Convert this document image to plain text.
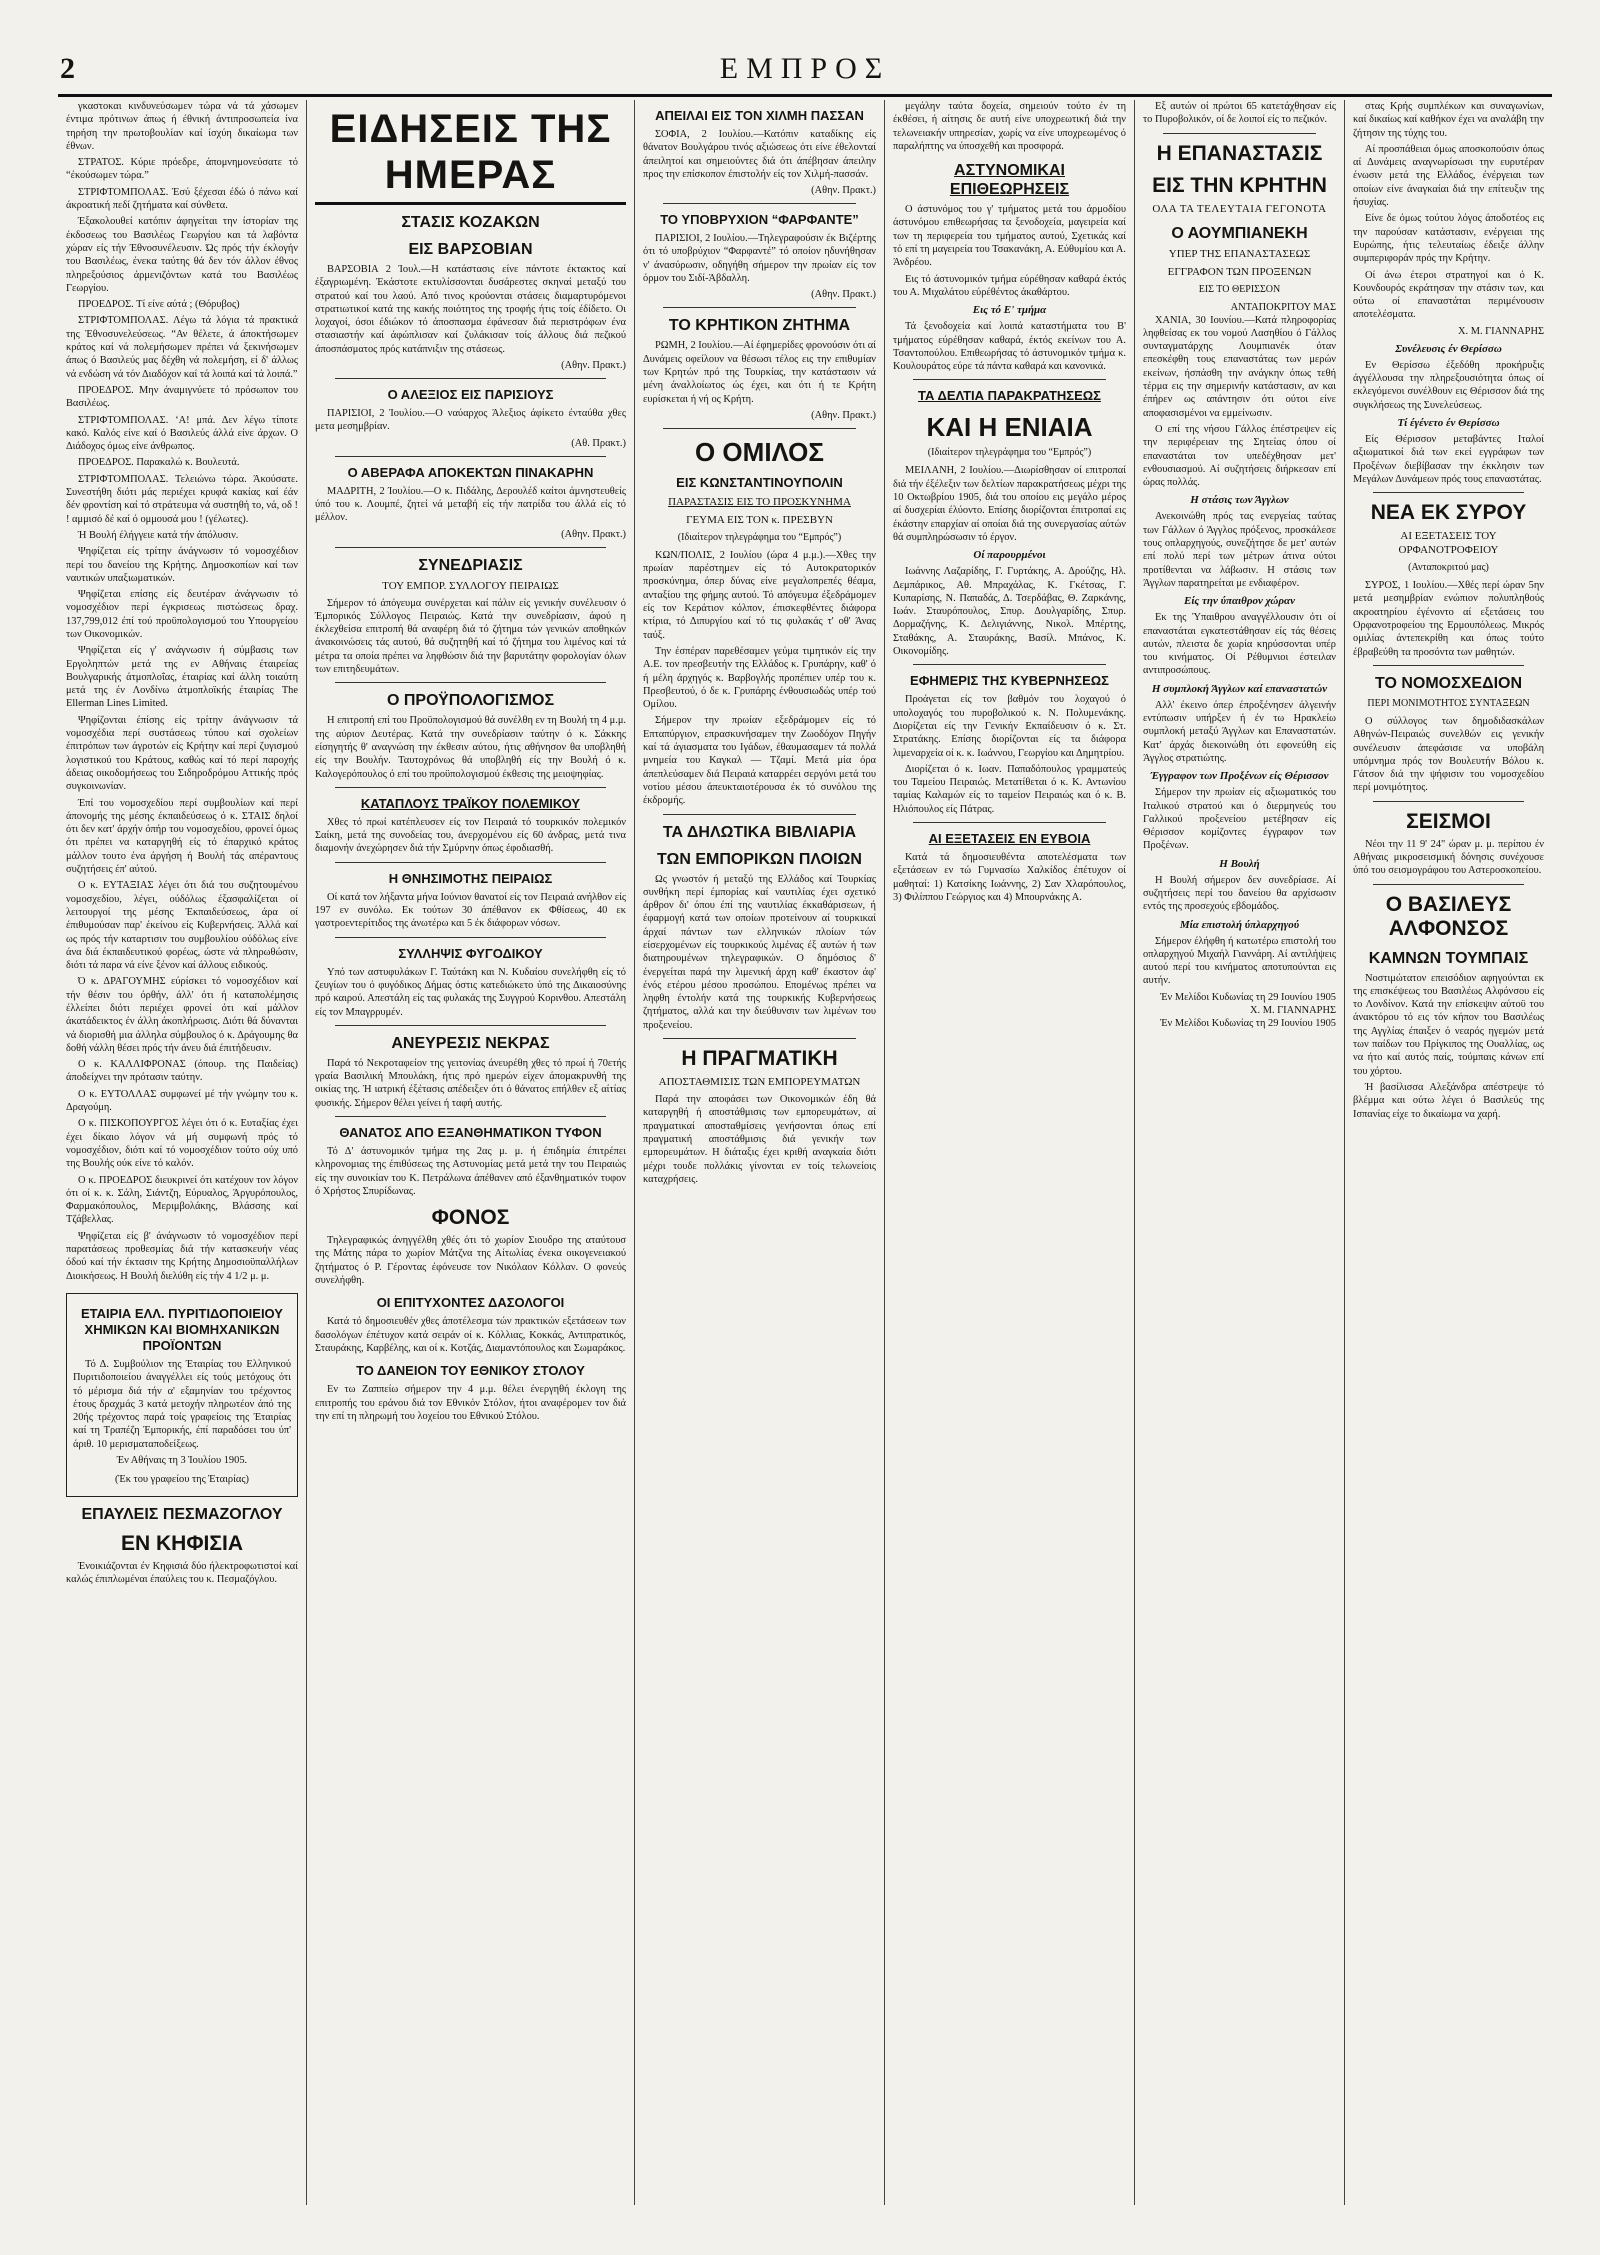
2	ΕΜΠΡΟΣ

γκαστοκαι κινδυνεύσωμεν τώρα νά τά χάσωμεν έντιμα πρότινων άπως ή έθνική άντιπροσωπεία ίνα τηρήση την πρωτοβουλίαν καί ίσχύη δικαίωμα των έθνων.

ΣΤΡΑΤΟΣ. Κύριε πρόεδρε, άπομνημονεύσατε τό “έκούσωμεν τώρα.”

ΣΤΡΙΦΤΟΜΠΟΛΑΣ. Έσύ ξέχεσαι έδώ ό πάνω καί άκροατική πεδί ζητήματα καί σύνθετα.

Έξακολουθεί κατόπιν άφηγείται την ίστορίαν της έκδοσεως του Βασιλέως Γεωργίου και τά λαβόντα χώραν είς τήν Έθνοσυνέλευσιν. Ώς πρός τήν έκλογήν του Βασιλέως, ένεκα ταύτης θά δεν τόν άλλον έθνος πληρεξούσιος άρμενιζόντων κατά του Βασιλέως Γεωργίου.

ΠΡΟΕΔΡΟΣ. Τί είνε αύτά ; (Θόρυβος)

ΣΤΡΙΦΤΟΜΠΟΛΑΣ. Λέγω τά λόγια τά πρακτικά της Έθνοσυνελεύσεως. “Αν θέλετε, ά άποκτήσωμεν κράτος καί νά πολεμήσωμεν πρέπει νά ξεκινήσωμεν άπως ό Βασιλεύς μας δέχθη νά πολεμήση, εί δ' άλλως νά ενδώση νά τόν Διαδόχον καί τά λοιπά καί τά λοιπά.”

ΠΡΟΕΔΡΟΣ. Μην άναμιγνύετε τό πρόσωπον του Βασιλέως.

ΣΤΡΙΦΤΟΜΠΟΛΑΣ. ‘Α! μπά. Δεν λέγω τίποτε κακό. Καλός είνε καί ό Βασιλεύς άλλά είνε άρχων. Ο Διάδοχος όμως είνε άνθρωπος.

ΠΡΟΕΔΡΟΣ. Παρακαλώ κ. Βουλευτά.

ΣΤΡΙΦΤΟΜΠΟΛΑΣ. Τελειώνω τώρα. Άκούσατε. Συνεστήθη διότι μάς περιέχει κρυφά κακίας καί έάν δέν φροντίση καί τό στράτευμα νά συστηθή το, νά, οδ ! ! αμμισό δέ καί ό ομμουσά μου ! (γέλωτες).

Ή Βουλή έλήγγειε κατά τήν άπόλυσιν.

Ψηφίζεται είς τρίτην άνάγνωσιν τό νομοσχέδιον περί του δανείου της Κρήτης. Δημοσκοπίων καί των ναυτικών υπαξιωματικών.

Ψηφίζεται επίσης είς δευτέραν άνάγνωσιν τό νομοσχέδιον περί έγκρισεως πιστώσεως δραχ. 137,799,012 έπί τού προϋπολογισμού του Υπουργείου των Οικονομικών.

Ψηφίζεται είς γ' ανάγνωσιν ή σύμβασις των Εργοληπτών μετά της εν Αθήναις έταιρείας Βουλγαρικής άτμοπλοΐας, έταιρίας καί άλλη τοιαύτη μετά της έν Λονδίνω άτμοπλοϊκής έταιρίας The Ellerman Lines Limited.

Ψηφίζονται έπίσης είς τρίτην άνάγνωσιν τά νομοσχέδια περί συστάσεως τύπου καί σχολείων έπιτρόπων των άγροτών είς Κρήτην καί περί ζυγισμού λογιστικού του Κράτους, καθώς καί τό περί παροχής άδειας οικοδομήσεως του Σιδηροδρόμου Αττικής πρός συγκοινωνίαν.

Έπί του νομοσχεδίου περί συμβουλίων καί περί άπονομής της μέσης έκπαιδεύσεως ό κ. ΣΤΑΙΣ δηλοί ότι δεν κατ' άρχήν όπήρ του νομοσχεδίου, φρονεί όμως ότι πρέπει να καταργηθή είς τό έπαρχικό κράτος μάλλον τουτο ένα άργήση ή Βουλή τάς απέραντους συζητήσεις έπ' αύτού.

Ο κ. ΕΥΤΑΞΙΑΣ λέγει ότι διά του συζητουμένου νομοσχεδίου, λέγει, ούδόλως έξασφαλίζεται οί λειτουργοί της μέσης Έκπαιδεύσεως, άρα οί έπιθυμούσαν παρ' έκείνου είς Κυβερνήσεις. Άλλά καί ως πρός τήν καταρτισιν του συμβουλίου ούδόλως είνε άνα διά έκπαιδευτικού φορέως, ώστε νά πληρωθώσιν, διότι τά παρα νά είνε ξένον καί άλλους ειδικούς.

Ό κ. ΔΡΑΓΟΥΜΗΣ εύρίσκει τό νομοσχέδιον καί τήν θέσιν του όρθήν, άλλ' ότι ή καταπολέμησις έλλείπει διότι περιέχει φρονεί ότι καί μάλλον άκατάδεικτος έν άλλη άκοπλήρωσις. Διότι θά δύνανται νά διορισθή μια άλληλα σύμβουλος ό κ. Δράγουμης θα δοθή νάλλη θέσει πρός τήν άνευ διά έπιτήδευσιν.

Ο κ. ΚΑΛΛΙΦΡΟΝΑΣ (όπουρ. της Παιδείας) άποδείχνει την πρότασιν ταύτην.

Ο κ. ΕΥΤΟΛΛΑΣ συμφωνεί μέ τήν γνώμην του κ. Δραγούμη.

Ο κ. ΠΙΣΚΟΠΟΥΡΓΟΣ λέγει ότι ό κ. Ευταξίας έχει έχει δίκαιο λόγον νά μή συμφωνή πρός τό νομοσχέδιον, διότι καί τό νομοσχέδιον τούτο ούχ υπό της Βουλής ούκ είνε τό καλόν.

Ο κ. ΠΡΟΕΔΡΟΣ διευκρινεί ότι κατέχουν τον λόγον ότι οί κ. κ. Σάλη, Σιάντζη, Εύρυαλος, Άργυρόπουλος, Φαρμακόπουλος, Μεριμβολάκης, Βλάσσης καί Τζάβελλας.

Ψηφίζεται είς β' άνάγνωσιν τό νομοσχέδιον περί παρατάσεως προθεσμίας διά τήν κατασκευήν νέας όδού καί τήν έκτασιν της Κρήτης Δημοσιοϋπαλλήλων Διοικήσεως. Η Βουλή διελύθη είς τήν 4 1/2 μ. μ.

ΕΤΑΙΡΙΑ ΕΛΛ. ΠΥΡΙΤΙΔΟΠΟΙΕΙΟΥ ΧΗΜΙΚΩΝ ΚΑΙ ΒΙΟΜΗΧΑΝΙΚΩΝ ΠΡΟΪΟΝΤΩΝ

Τό Δ. Συμβούλιον της Έταιρίας του Ελληνικού Πυριτιδοποιείου άναγγέλλει είς τούς μετόχους ότι τό μέρισμα διά τήν α' εξαμηνίαν του τρέχοντος έτους δραχμάς 3 κατά μετοχήν πληρωτέον άπό της 20ής τρέχοντος παρά τοίς γραφείοις της Έταιρίας καί τη Τραπέζη Έμπορικής, έπί παραδόσει του ύπ' άριθ. 10 μερισματαποδείξεως.

Έν Αθήναις τη 3 Ίουλίου 1905.
(Έκ του γραφείου της Έταιρίας)
ΕΠΑΥΛΕΙΣ ΠΕΣΜΑΖΟΓΛΟΥ
ΕΝ ΚΗΦΙΣΙΑ

Ένοικιάζονται έν Κηφισιά δύο ήλεκτροφωτιστοί καί καλώς έπιπλωμέναι έπαύλεις του κ. Πεσμαζόγλου.

ΕΙΔΗΣΕΙΣ ΤΗΣ ΗΜΕΡΑΣ
ΣΤΑΣΙΣ ΚΟΖΑΚΩΝ
ΕΙΣ ΒΑΡΣΟΒΙΑΝ

ΒΑΡΣΟΒΙΑ 2 Ίουλ.—Η κατάστασις είνε πάντοτε έκτακτος καί έξαγριωμένη. Έκάστοτε εκτυλίσσονται δυσάρεστες σκηναί μεταξύ του στρατού καί του λαού. Από τινος κρούονται στάσεις διαμαρτυρόμενοι στρατιωτικοί κατά της κακής ποιότητος της τροφής ήτις τοίς έδίδετο. Οι λοχαγοί, όσοι έδιώκον τό άποσπασμα έφάνεσαν διά περιστρόφων ένα στασιαστήν καί άφώπλισαν καί ζυλάκισαν τοίς άλλους διά πεζικού άποσπάσματος πρός κατάπνιξιν της στάσεως.

(Αθην. Πρακτ.)
Ο ΑΛΕΞΙΟΣ ΕΙΣ ΠΑΡΙΣΙΟΥΣ

ΠΑΡΙΣΙΟΙ, 2 Ίουλίου.—Ο ναύαρχος Άλεξιος άφίκετο ένταύθα χθες μετα μεσημβρίαν.

(Αθ. Πρακτ.)
Ο ΑΒΕΡΑΦΑ ΑΠΟΚΕΚΤΩΝ ΠΙΝΑΚΑΡΗΝ

ΜΑΔΡΙΤΗ, 2 Ίουλίου.—Ο κ. Πιδάλης, Δερουλέδ καίτοι άμνηστευθείς ύπό του κ. Λουμπέ, ζητεί νά μεταβή είς τήν πατρίδα του άλλά είς τό μέλλον.

(Αθην. Πρακτ.)
ΣΥΝΕΔΡΙΑΣΙΣ
ΤΟΥ ΕΜΠΟΡ. ΣΥΛΛΟΓΟΥ ΠΕΙΡΑΙΩΣ

Σήμερον τό άπόγευμα συνέρχεται καί πάλιν είς γενικήν συνέλευσιν ό Έμπορικός Σύλλογος Πειραιώς. Κατά την συνεδρίασιν, άφού η έκλεχθείσα επιτροπή θά αναφέρη διά τό ζήτημα τών γενικών αποθηκών άνακοινώσεις τάς αυτού, θά συζητηθή καί τό ζήτημα του λιμένος καί τά μέτρα τα οποία πρέπει να ληφθώσιν διά την βαρυτάτην φορολογίαν όλων των επιτηδευμάτων.

Ο ΠΡΟΫΠΟΛΟΓΙΣΜΟΣ

Η επιτροπή επί του Προϋπολογισμού θά συνέλθη εν τη Βουλή τη 4 μ.μ. της αύριον Δευτέρας. Κατά την συνεδρίασιν ταύτην ό κ. Σάκκης είσηγητής θ' αναγνώση την έκθεσιν αύτου, ήτις αθήνησον θα υποβληθή είς την Βουλήν. Ταυτοχρόνως θά υποβληθή είς την Βουλή ό κ. Καλογερόπουλος ό επί του προϋπολογισμού έκθεσις της μειοψηφίας.

ΚΑΤΑΠΛΟΥΣ ΤΡΑΪΚΟΥ ΠΟΛΕΜΙΚΟΥ

Χθες τό πρωί κατέπλευσεν είς τον Πειραιά τό τουρκικόν πολεμικόν Σαίκη, μετά της συνοδείας του, άνερχομένου είς 60 άνδρας, μετά τινα διαμονήν άνεχώρησεν διά τήν Σμύρνην όπως έφοδιασθή.

Η ΘΝΗΣΙΜΟΤΗΣ ΠΕΙΡΑΙΩΣ

Οί κατά τον λήξαντα μήνα Ιούνιον θανατοί είς τον Πειραιά ανήλθον είς 197 εν συνόλω. Εκ τούτων 30 άπέθανον εκ Φθίσεως, 40 εκ γαστροεντερίτιδος της άνωτέρω και 5 έκ διάφορων νόσων.

ΣΥΛΛΗΨΙΣ ΦΥΓΟΔΙΚΟΥ

Υπό των αστυφυλάκων Γ. Ταύτάκη και Ν. Κυδαίου συνελήφθη είς τό ζευγίων του ό φυγόδικος Δήμας όστις κατεδιώκετο ύπό της Δικαιοσύνης πρό καιρού. Απεστάλη είς τας φυλακάς της Συγγρού Κορινθου. Απεστάλη είς τον Μπαγρρυμέν.

ΑΝΕΥΡΕΣΙΣ ΝΕΚΡΑΣ

Παρά τό Νεκροταφείον της γειτονίας άνευρέθη χθες τό πρωί ή 70ετής γραία Βασιλική Μπουλάκη, ήτις πρό ημερών είχεν άπομακρυνθή της οικίας της. Ή ιατρική έξέτασις απέδειξεν ότι ό θάνατος επήλθεν εξ αίτίας φυσικής. Σήμερον θέλει γείνει ή ταφή αυτής.

ΘΑΝΑΤΟΣ ΑΠΟ ΕΞΑΝΘΗΜΑΤΙΚΟΝ ΤΥΦΟΝ

Τό Δ' άστυνομικόν τμήμα της 2ας μ. μ. ή έπιδημία έπιτρέπει κληρονομιας της έπιθύσεως της Αστυνομίας μετά μετά την του Πειραιώς είς την συνοικίαν του Κ. Πετράλωνα άπέθανεν από έξανθηματικόν τυφον ό Χρήστος Σπυρίδωνας.

ΦΟΝΟΣ

Τηλεγραφικώς άνηγγέλθη χθές ότι τό χωρίον Σιουδρο της αταύτουσ της Μάτης πάρα το χωρίον Μάτζνα της Αίτωλίας ένεκα οικογενειακού ζητήματος ό Ρ. Γέροντας έφόνευσε τον Νικόλαον Κόλλαν. Ο φονεύς συνελήφθη.

ΟΙ ΕΠΙΤΥΧΟΝΤΕΣ ΔΑΣΟΛΟΓΟΙ

Κατά τό δημοσιευθέν χθες άποτέλεσμα τών πρακτικών εξετάσεων των δασολόγων έπέτυχον κατά σειράν οί κ. Κόλλιας, Κοκκάς, Αντιπρατικός, Σταυράκης, Καρβέλης, και οί κ. Κοτζάς, Διαμαντόπουλος και Σωμαράκος.

ΤΟ ΔΑΝΕΙΟΝ ΤΟΥ ΕΘΝΙΚΟΥ ΣΤΟΛΟΥ

Εν τω Ζαππείω σήμερον την 4 μ.μ. θέλει ένεργηθή έκλογη της επιτροπής του εράνου διά τον Εθνικόν Στόλον, ήτοι αναφέρομεν τον διά την επί τη πληρωμή του λοχείου του Εθνικού Στόλου.

ΑΠΕΙΛΑΙ ΕΙΣ ΤΟΝ ΧΙΛΜΗ ΠΑΣΣΑΝ

ΣΟΦΙΑ, 2 Ιουλίου.—Κατόπιν καταδίκης είς θάνατον Βουλγάρου τινός αξιώσεως ότι είνε έθελονταί άπειλητοί και σημειούντες διά ότι άπέβησαν άπειλην προς την επίσκοπον έπιστολήν είς τον Χιλμή-πασσάν.

(Αθην. Πρακτ.)
ΤΟ ΥΠΟΒΡΥΧΙΟΝ “ΦΑΡΦΑΝΤΕ”

ΠΑΡΙΣΙΟΙ, 2 Ιουλίου.—Τηλεγραφούσιν έκ Βιζέρτης ότι τό υποβρύχιον “Φαρφαντέ” τό οποίον ηδυνήθησαν ν' άνασύρωσιν, οδηγήθη σήμερον την πρωίαν είς τον όρμον του Σιδί-Άβδαλλη.

(Αθην. Πρακτ.)
ΤΟ ΚΡΗΤΙΚΟΝ ΖΗΤΗΜΑ

ΡΩΜΗ, 2 Ιουλίου.—Αί έφημερίδες φρονούσιν ότι αί Δυνάμεις οφείλουν να θέσωσι τέλος εις την επιθυμίαν των Κρητών πρό της Τουρκίας, την κατάστασιν νά μένη άναλλοίωτος ώς έχει, και ότι ή τε Κρήτη ευρίσκεται ή νή ος Κρήτη.

(Αθην. Πρακτ.)
Ο ΟΜΙΛΟΣ
ΕΙΣ ΚΩΝΣΤΑΝΤΙΝΟΥΠΟΛΙΝ
ΠΑΡΑΣΤΑΣΙΣ ΕΙΣ ΤΟ ΠΡΟΣΚΥΝΗΜΑ
ΓΕΥΜΑ ΕΙΣ ΤΟΝ κ. ΠΡΕΣΒΥΝ
(Ιδιαίτερον τηλεγράφημα του “Εμπρός”)

ΚΩΝ/ΠΟΛΙΣ, 2 Ιουλίου (ώρα 4 μ.μ.).—Χθες την πρωίαν παρέστημεν είς τό Αυτοκρατορικόν προσκύνημα, όπερ δύνας είνε μεγαλοπρεπές θέαμα, ανταξίου της φήμης αυτού. Τό απόγευμα έξεδράμομεν είς τον Κεράτιον κόλπον, έπισκεφθέντες διάφορα κτίρια, τό Διπυργίου καί τό τις φυλακάς τ' οθ' Άνας ταύξ.

Την έσπέραν παρεθέσαμεν γεύμα τιμητικόν είς την Α.Ε. τον πρεσβευτήν της Ελλάδος κ. Γρυπάρην, καθ' ό ή μέλη άρχηγός κ. Βαρβογλής προπέπιεν υπέρ του κ. Πρεσβευτού, ό δε κ. Γρυπάρης ένθουσιωδώς υπέρ τού Ομίλου.

Σήμερον την πρωίαν εξεδράμομεν είς τό Επταπύργιον, επρασκυνήσαμεν την Ζωοδόχον Πηγήν καί τά άγιασματα του Ιγάδων, έθαυμασαμεν τά πολλά μνημεία του Καγκαλ — Τζαμί. Μετά μία όρα άπεπλεύσαμεν διά Πειραιά καταρρέει σεργόνι μετά του νοτίου μέσου άπευκταιοτέρουσα έκ τό συνόλου της έκδρομής.

ΤΑ ΔΗΛΩΤΙΚΑ ΒΙΒΛΙΑΡΙΑ
ΤΩΝ ΕΜΠΟΡΙΚΩΝ ΠΛΟΙΩΝ

Ως γνωστόν ή μεταξύ της Ελλάδος καί Τουρκίας συνθήκη περί έμπορίας καί ναυτιλίας έχει σχετικό άρθρον δι' όπου έπί της ναυτιλίας έκκαθάρισεων, ή έφαρμογή κατά των οποίων προτείνουν αί τουρκικαί άρχαί πάντων των ελληνικών πλοίων τών είσερχομένων είς τουρκικούς λιμένας έξ αυτών ή των διατηρουμένων τηλεγραφικών. Ο δημόσιος δ' ένεργείται παρά την λιμενική άρχη καθ' έκαστον άφ' ένός ετέρου μέσου προσώπου. Επομένως πρέπει να ληφθη έντολήν κατά της τουρκικής Κυβερνήσεως ζητήματος, αλλά και την διεύθυνσιν των λιμένων του προξενείου.

Η ΠΡΑΓΜΑΤΙΚΗ
ΑΠΟΣΤΑΘΜΙΣΙΣ ΤΩΝ ΕΜΠΟΡΕΥΜΑΤΩΝ

Παρά την αποφάσει των Οικονομικών έδη θά καταργηθή ή αποστάθμισις των εμπορευμάτων, αί πραγματικαί αποσταθμίσεις γενήσονται όπως επί πραγματική αποστάθμισις διά γενικήν των εμπορευμάτων. Η διάταξις έχει κριθή αναγκαία διότι μέχρι τουδε πολλάκις γίνονται εν τοίς τελωνείοις καταχρήσεις.

μεγάλην ταύτα δοχεία, σημειούν τούτο έν τη έκθέσει, ή αίτησις δε αυτή είνε υποχρεωτική διά την τελωνειακήν υπηρεσίαν, χωρίς να είνε υποχρεωμένος ό παραλήπτης να ύποσχεθή και προσφορά.

ΑΣΤΥΝΟΜΙΚΑΙ ΕΠΙΘΕΩΡΗΣΕΙΣ

Ο άστυνόμος του γ' τμήματος μετά του άρμοδίου άστυνόμου επιθεωρήσας τα ξενοδοχεία, μαγειρεία καί των τη περιφερεία του τμήματος αυτού, Σχετικάς καί τό επί τη μαγειρεία του Τσακανάκη, Α. Εύθυμίου και Α. Άνδρέου.

Εις τό άστυνομικόν τμήμα εύρέθησαν καθαρά έκτός του Α. Μιχαλάτου εύρέθέντος άκαθάρτου.

Εις τό Ε' τμήμα

Τά ξενοδοχεία καί λοιπά καταστήματα του Β' τμήματος εύρέθησαν καθαρά, έκτός εκείνων του Α. Τσαντοπούλου. Επιθεωρήσας τό άστυνομικόν τμήμα κ. Κουλουράτος εύρε τά πάντα καθαρά και κανονικά.

ΤΑ ΔΕΛΤΙΑ ΠΑΡΑΚΡΑΤΗΣΕΩΣ
ΚΑΙ Η ΕΝΙΑΙΑ
(Ιδιαίτερον τηλεγράφημα του “Εμπρός”)

ΜΕΙΛΑΝΗ, 2 Ιουλίου.—Διωρίσθησαν οί επιτροπαί διά τήν έξέλεξιν των δελτίων παρακρατήσεως μέχρι της 10 Οκτωβρίου 1905, διά του οποίου εις μεγάλο μέρος αί δυσχερίαι έλύοντο. Επίσης διορίζονται έπιτροπαί εις έκάστην επαρχίαν αί οποίαι διά της συνεργασίας αύτών θά συμπληρώσωσιν τό έργον.

Οί παρουρμένοι

Ιωάννης Λαζαρίδης, Γ. Γυρτάκης, Α. Δρούζης, Ηλ. Δεμπάρικος, Αθ. Μπραχάλας, Κ. Γκέτσας, Γ. Κυπαρίσης, Ν. Παπαδάς, Δ. Τσερδάβας, Θ. Ζαρκάνης, Ιωάν. Σταυρόπουλος, Σπυρ. Δουλγαρίδης, Σπυρ. Δορμαζήνης, Κ. Δελιγιάννης, Νικολ. Μπέρτης, Σταθάκης, Α. Σταυράκης, Βασίλ. Μπάνος, Κ. Οικονομίδης.

ΕΦΗΜΕΡΙΣ ΤΗΣ ΚΥΒΕΡΝΗΣΕΩΣ

Προάγεται είς τον βαθμόν του λοχαγού ό υπολοχαγός του πυροβολικού κ. Ν. Πολυμενάκης. Διορίζεται είς την Γενικήν Εκπαίδευσιν ό κ. Στ. Στρατάκης. Επίσης διορίζονται είς τα διάφορα λιμεναρχεία οί κ. κ. Ιωάννου, Γεωργίου και Δημητρίου.

Διορίζεται ό κ. Ιωαν. Παπαδόπουλος γραμματεύς του Ταμείου Πειραιώς. Μετατίθεται ό κ. Κ. Αντωνίου ταμίας Καλαμών είς το ταμείον Πειραιώς και ό κ. Β. Ηλιόπουλος είς Πάτρας.

ΑΙ ΕΞΕΤΑΣΕΙΣ ΕΝ ΕΥΒΟΙΑ

Κατά τά δημοσιευθέντα αποτελέσματα των εξετάσεων εν τώ Γυμνασίω Χαλκίδος έπέτυχον οί μαθηταί: 1) Κατσίκης Ιωάννης, 2) Σαν Χλαρόπουλος, 3) Φιλίππου Γεώργιος και 4) Μπουρνάκης Α.

Εξ αυτών οί πρώτοι 65 κατετάχθησαν είς το Πυροβολικόν, οί δε λοιποί είς το πεζικόν.

Η ΕΠΑΝΑΣΤΑΣΙΣ
ΕΙΣ ΤΗΝ ΚΡΗΤΗΝ
ΟΛΑ ΤΑ ΤΕΛΕΥΤΑΙΑ ΓΕΓΟΝΟΤΑ
Ο ΑΟΥΜΠΙΑΝΕΚΗ
ΥΠΕΡ ΤΗΣ ΕΠΑΝΑΣΤΑΣΕΩΣ
ΕΓΓΡΑΦΟΝ ΤΩΝ ΠΡΟΞΕΝΩΝ
ΕΙΣ ΤΟ ΘΕΡΙΣΣΟΝ
ΑΝΤΑΠΟΚΡΙΤΟΥ ΜΑΣ

ΧΑΝΙΑ, 30 Ιουνίου.—Κατά πληροφορίας ληφθείσας εκ του νομού Λασηθίου ό Γάλλος συνταγματάρχης Λουμπιανέκ όταν επεσκέφθη τους επαναστάτας των μερών εκείνων, ήσπάσθη την ανάγκην όπως τεθή τέρμα εις την σημερινήν κατάστασιν, αν και έπήρεν ως απάντησιν ότι ούτοι είνε αποφασισμένοι να εμμείνωσιν.

Ο επί της νήσου Γάλλος έπέστρεψεν είς την περιφέρειαν της Σητείας όπου οί επαναστάται τον υπεδέχθησαν μετ' ενθουσιασμού. Αί συζητήσεις διήρκεσαν επί ώρας πολλάς.

Η στάσις των Άγγλων

Ανεκοινώθη πρός τας ενεργείας ταύτας των Γάλλων ό Άγγλος πρόξενος, προσκάλεσε τους οπλαρχηγούς, συνεζήτησε δε μετ' αυτών επί πολύ περί των μέτρων άτινα ούτοι προτίθενται να λάβωσιν. Η στάσις των Άγγλων παρατηρείται με ενδιαφέρον.

Είς την ύπαιθρον χώραν

Εκ της Ύπαιθρου αναγγέλλουσιν ότι οί επαναστάται εγκατεστάθησαν είς τάς θέσεις αυτών, πλειστα δε χωρία κηρύσσονται υπέρ του κινήματος. Οί Ρέθυμνιοι έστειλαν αντιπροσώπους.

Η συμπλοκή Άγγλων καί επαναστατών

Αλλ' έκεινο όπερ έπροξένησεν άλγεινήν εντύπωσιν υπήρξεν ή έν τω Ηρακλείω συμπλοκή μεταξύ Άγγλων και Επαναστατών. Κατ' άρχάς διεκοινώθη ότι εφονεύθη είς Άγγλος στρατιώτης.

Έγγραφον των Προξένων είς Θέρισσον

Σήμερον την πρωίαν είς αξιωματικός του Ιταλικού στρατού και ό διερμηνεύς του Γαλλικού προξενείου μετέβησαν είς Θέρισσον κομίζοντες έγγραφον των Προξένων.

Η Βουλή

Η Βουλή σήμερον δεν συνεδρίασε. Αί συζητήσεις περί του δανείου θα αρχίσωσιν εντός της προσεχούς εβδομάδος.

Μία επιστολή ύπλαρχηγού

Σήμερον έλήφθη ή κατωτέρω επιστολή του οπλαρχηγού Μιχαήλ Γιαννάρη. Αί αντιλήψεις αυτού περί του κινήματος αποτυπούνται εις αυτήν.

Έν Μελίδοι Κυδωνίας τη 29 Ιουνίου 1905
Χ. Μ. ΓΙΑΝΝΑΡΗΣ
Έν Μελίδοι Κυδωνίας τη 29 Ιουνίου 1905

στας Κρής συμπλέκων και συναγωνίων, καί δικαίως καί καθήκον έχει να αναλάβη την ζήτησιν της τύχης του.

Αί προσπάθειαι όμως αποσκοπούσιν όπως αί Δυνάμεις αναγνωρίσωσι την ευρυτέραν ένωσιν μετά της Ελλάδος, ένέργειαι των οποίων είνε άναγκαίαι διά την επίτευξιν της ήσυχίας.

Είνε δε όμως τούτου λόγος άποδοτέος εις την παρούσαν κατάστασιν, ενέργειαι της Ευρώπης, ήτις τελευταίως έδειξε άλλην συμπεριφοράν πρός την Κρήτην.

Οί άνω έτεροι στρατηγοί και ό Κ. Κουνδουρός εκράτησαν την στάσιν των, και ούτω οί επαναστάται περιμένουσιν αποτελέσματα.

Χ. Μ. ΓΙΑΝΝΑΡΗΣ
Συνέλευσις έν Θερίσσω

Εν Θερίσσω έξεδόθη προκήρυξις άγγέλλουσα την πληρεξουσιότητα όπως οί εκλεγόμενοι συνέλθουν εις Θέρισσον διά της συγκλήσεως της Συνελεύσεως.

Τί έγένετο έν Θερίσσω

Είς Θέρισσον μεταβάντες Ιταλοί αξιωματικοί διά των εκεί εγγράφων των Προξένων διεβίβασαν την έκκλησιν των Μεγάλων Δυνάμεων πρός τους επαναστάτας.

ΝΕΑ ΕΚ ΣΥΡΟΥ
ΑΙ ΕΞΕΤΑΣΕΙΣ ΤΟΥ ΟΡΦΑΝΟΤΡΟΦΕΙΟΥ
(Ανταποκριτού μας)

ΣΥΡΟΣ, 1 Ιουλίου.—Χθές περί ώραν 5ην μετά μεσημβρίαν ενώπιον πολυπληθούς ακροατηρίου έγένοντο αί εξετάσεις του Ορφανοτροφείου της Ερμουπόλεως. Μικρός ομιλίας άντεπεκρίθη και όπως τούτο έβραβεύθη τα προσόντα των μαθητών.

ΤΟ ΝΟΜΟΣΧΕΔΙΟΝ
ΠΕΡΙ ΜΟΝΙΜΟΤΗΤΟΣ ΣΥΝΤΑΞΕΩΝ

Ο σύλλογος των δημοδιδασκάλων Αθηνών-Πειραιώς συνελθών εις γενικήν συνέλευσιν άπεφάσισε να υποβάλη υπόμνημα πρός τον Βουλευτήν Βόλου κ. Γάτσον διά την ψήφισιν του νομοσχεδίου περί μονιμότητος.

ΣΕΙΣΜΟΙ

Νέοι την 11 9' 24" ώραν μ. μ. περίπου έν Αθήναις μικροσεισμική δόνησις συνέχουσε ύπό του σεισμογράφου του Αστεροσκοπείου.

Ο ΒΑΣΙΛΕΥΣ ΑΛΦΟΝΣΟΣ
ΚΑΜΝΩΝ ΤΟΥΜΠΑΙΣ

Νοστιμώτατον επεισόδιον αφηγούνται εκ της επισκέψεως του Βασιλέως Αλφόνσου είς το Λονδίνον. Κατά την επίσκεψιν αύτοϋ του άνακτόρου τό εις τόν κήπον του Βασιλέως της Αγγλίας έπαιξεν ό νεαρός ηγεμών μετά των παίδων του Πρίγκιπος της Ουαλλίας, ως να ήτο καί αυτός παίς, τούμπαις κάνων επί του χόρτου.

Ή βασίλισσα Αλεξάνδρα απέστρεψε τό βλέμμα και ούτω λέγει ό Βασιλεύς της Ισπανίας είχε το δικαίωμα να χαρή.
